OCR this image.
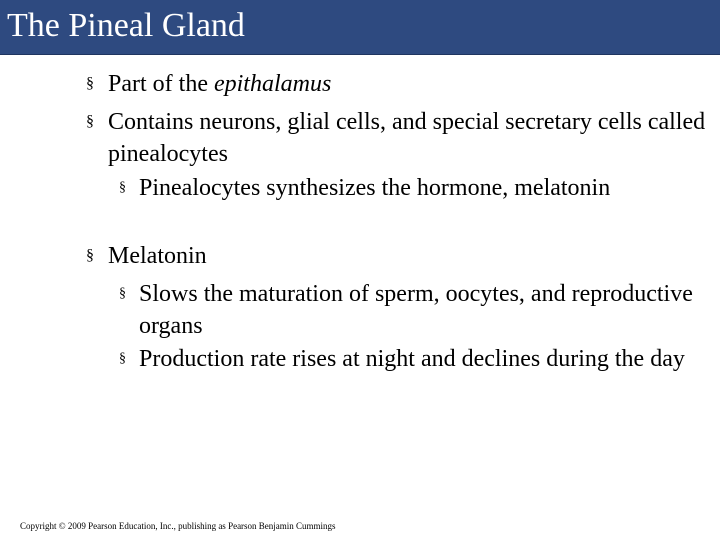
The Pineal Gland
§ Part of the epithalamus
§ Contains neurons, glial cells, and special secretary cells called pinealocytes
§ Pinealocytes synthesizes the hormone, melatonin
§ Melatonin
§ Slows the maturation of sperm, oocytes, and reproductive organs
§ Production rate rises at night and declines during the day
Copyright © 2009 Pearson Education, Inc., publishing as Pearson Benjamin Cummings
